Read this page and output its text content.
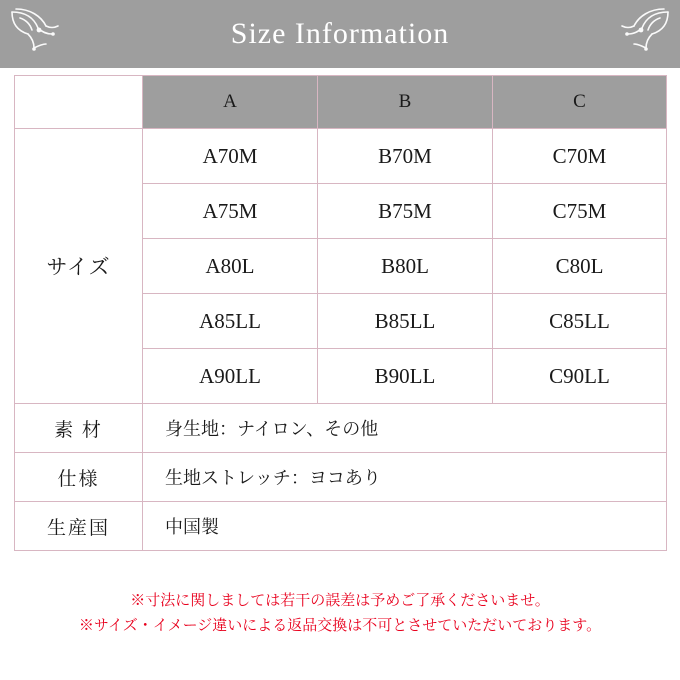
Size Information
	A	B	C
サイズ	A70M	B70M	C70M
	A75M	B75M	C75M
	A80L	B80L	C80L
	A85LL	B85LL	C85LL
	A90LL	B90LL	C90LL
素 材	身生地：ナイロン、その他		
仕様	生地ストレッチ：ヨコあり		
生産国	中国製		
※寸法に関しましては若干の誤差は予めご了承くださいませ。
※サイズ・イメージ違いによる返品交換は不可とさせていただいております。
